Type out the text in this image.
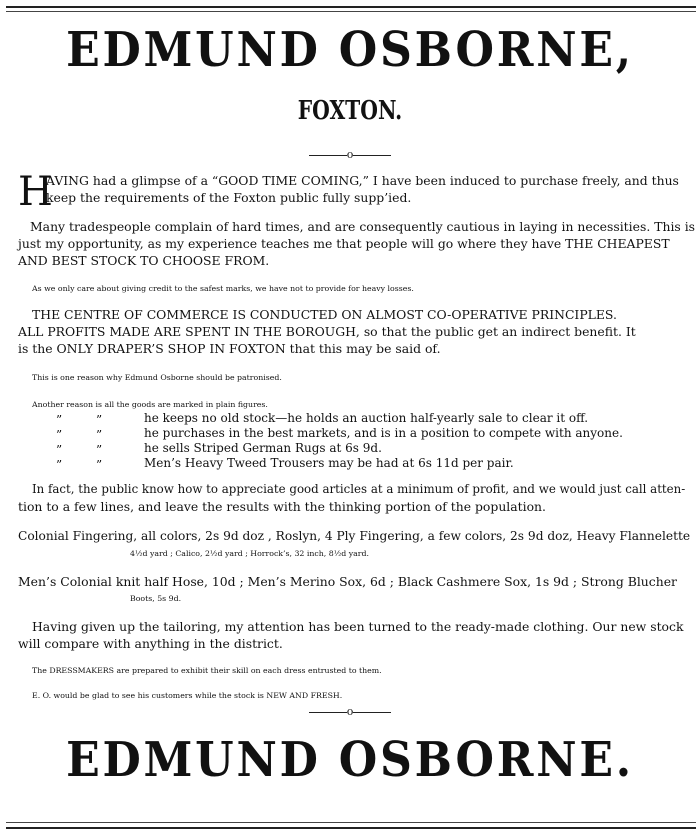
EDMUND OSBORNE,
FOXTON.
o
H
AVING had a glimpse of a “GOOD TIME COMING,” I have been induced to purchase freely, and thus
keep the requirements of the Foxton public fully supp’ied.
Many tradespeople complain of hard times, and are consequently cautious in laying in necessities. This is
just my opportunity, as my experience teaches me that people will go where they have THE CHEAPEST
AND BEST STOCK TO CHOOSE FROM.
As we only care about giving credit to the safest marks, we have not to provide for heavy losses.
THE CENTRE OF COMMERCE IS CONDUCTED ON ALMOST CO-OPERATIVE PRINCIPLES.
ALL PROFITS MADE ARE SPENT IN THE BOROUGH, so that the public get an indirect benefit. It
is the ONLY DRAPER’S SHOP IN FOXTON that this may be said of.
This is one reason why Edmund Osborne should be patronised.
Another reason is all the goods are marked in plain figures.
”	”	he keeps no old stock—he holds an auction half-yearly sale to clear it off.
”	”	he purchases in the best markets, and is in a position to compete with anyone.
”	”	he sells Striped German Rugs at 6s 9d.
”	”	Men’s Heavy Tweed Trousers may be had at 6s 11d per pair.
In fact, the public know how to appreciate good articles at a minimum of profit, and we would just call atten-
tion to a few lines, and leave the results with the thinking portion of the population.
Colonial Fingering, all colors, 2s 9d doz , Roslyn, 4 Ply Fingering, a few colors, 2s 9d doz, Heavy Flannelette
4½d yard ; Calico, 2½d yard ; Horrock’s, 32 inch, 8½d yard.
Men’s Colonial knit half Hose, 10d ; Men’s Merino Sox, 6d ; Black Cashmere Sox, 1s 9d ; Strong Blucher
Boots, 5s 9d.
Having given up the tailoring, my attention has been turned to the ready-made clothing. Our new stock
will compare with anything in the district.
The DRESSMAKERS are prepared to exhibit their skill on each dress entrusted to them.
E. O. would be glad to see his customers while the stock is NEW AND FRESH.
o
EDMUND OSBORNE.
